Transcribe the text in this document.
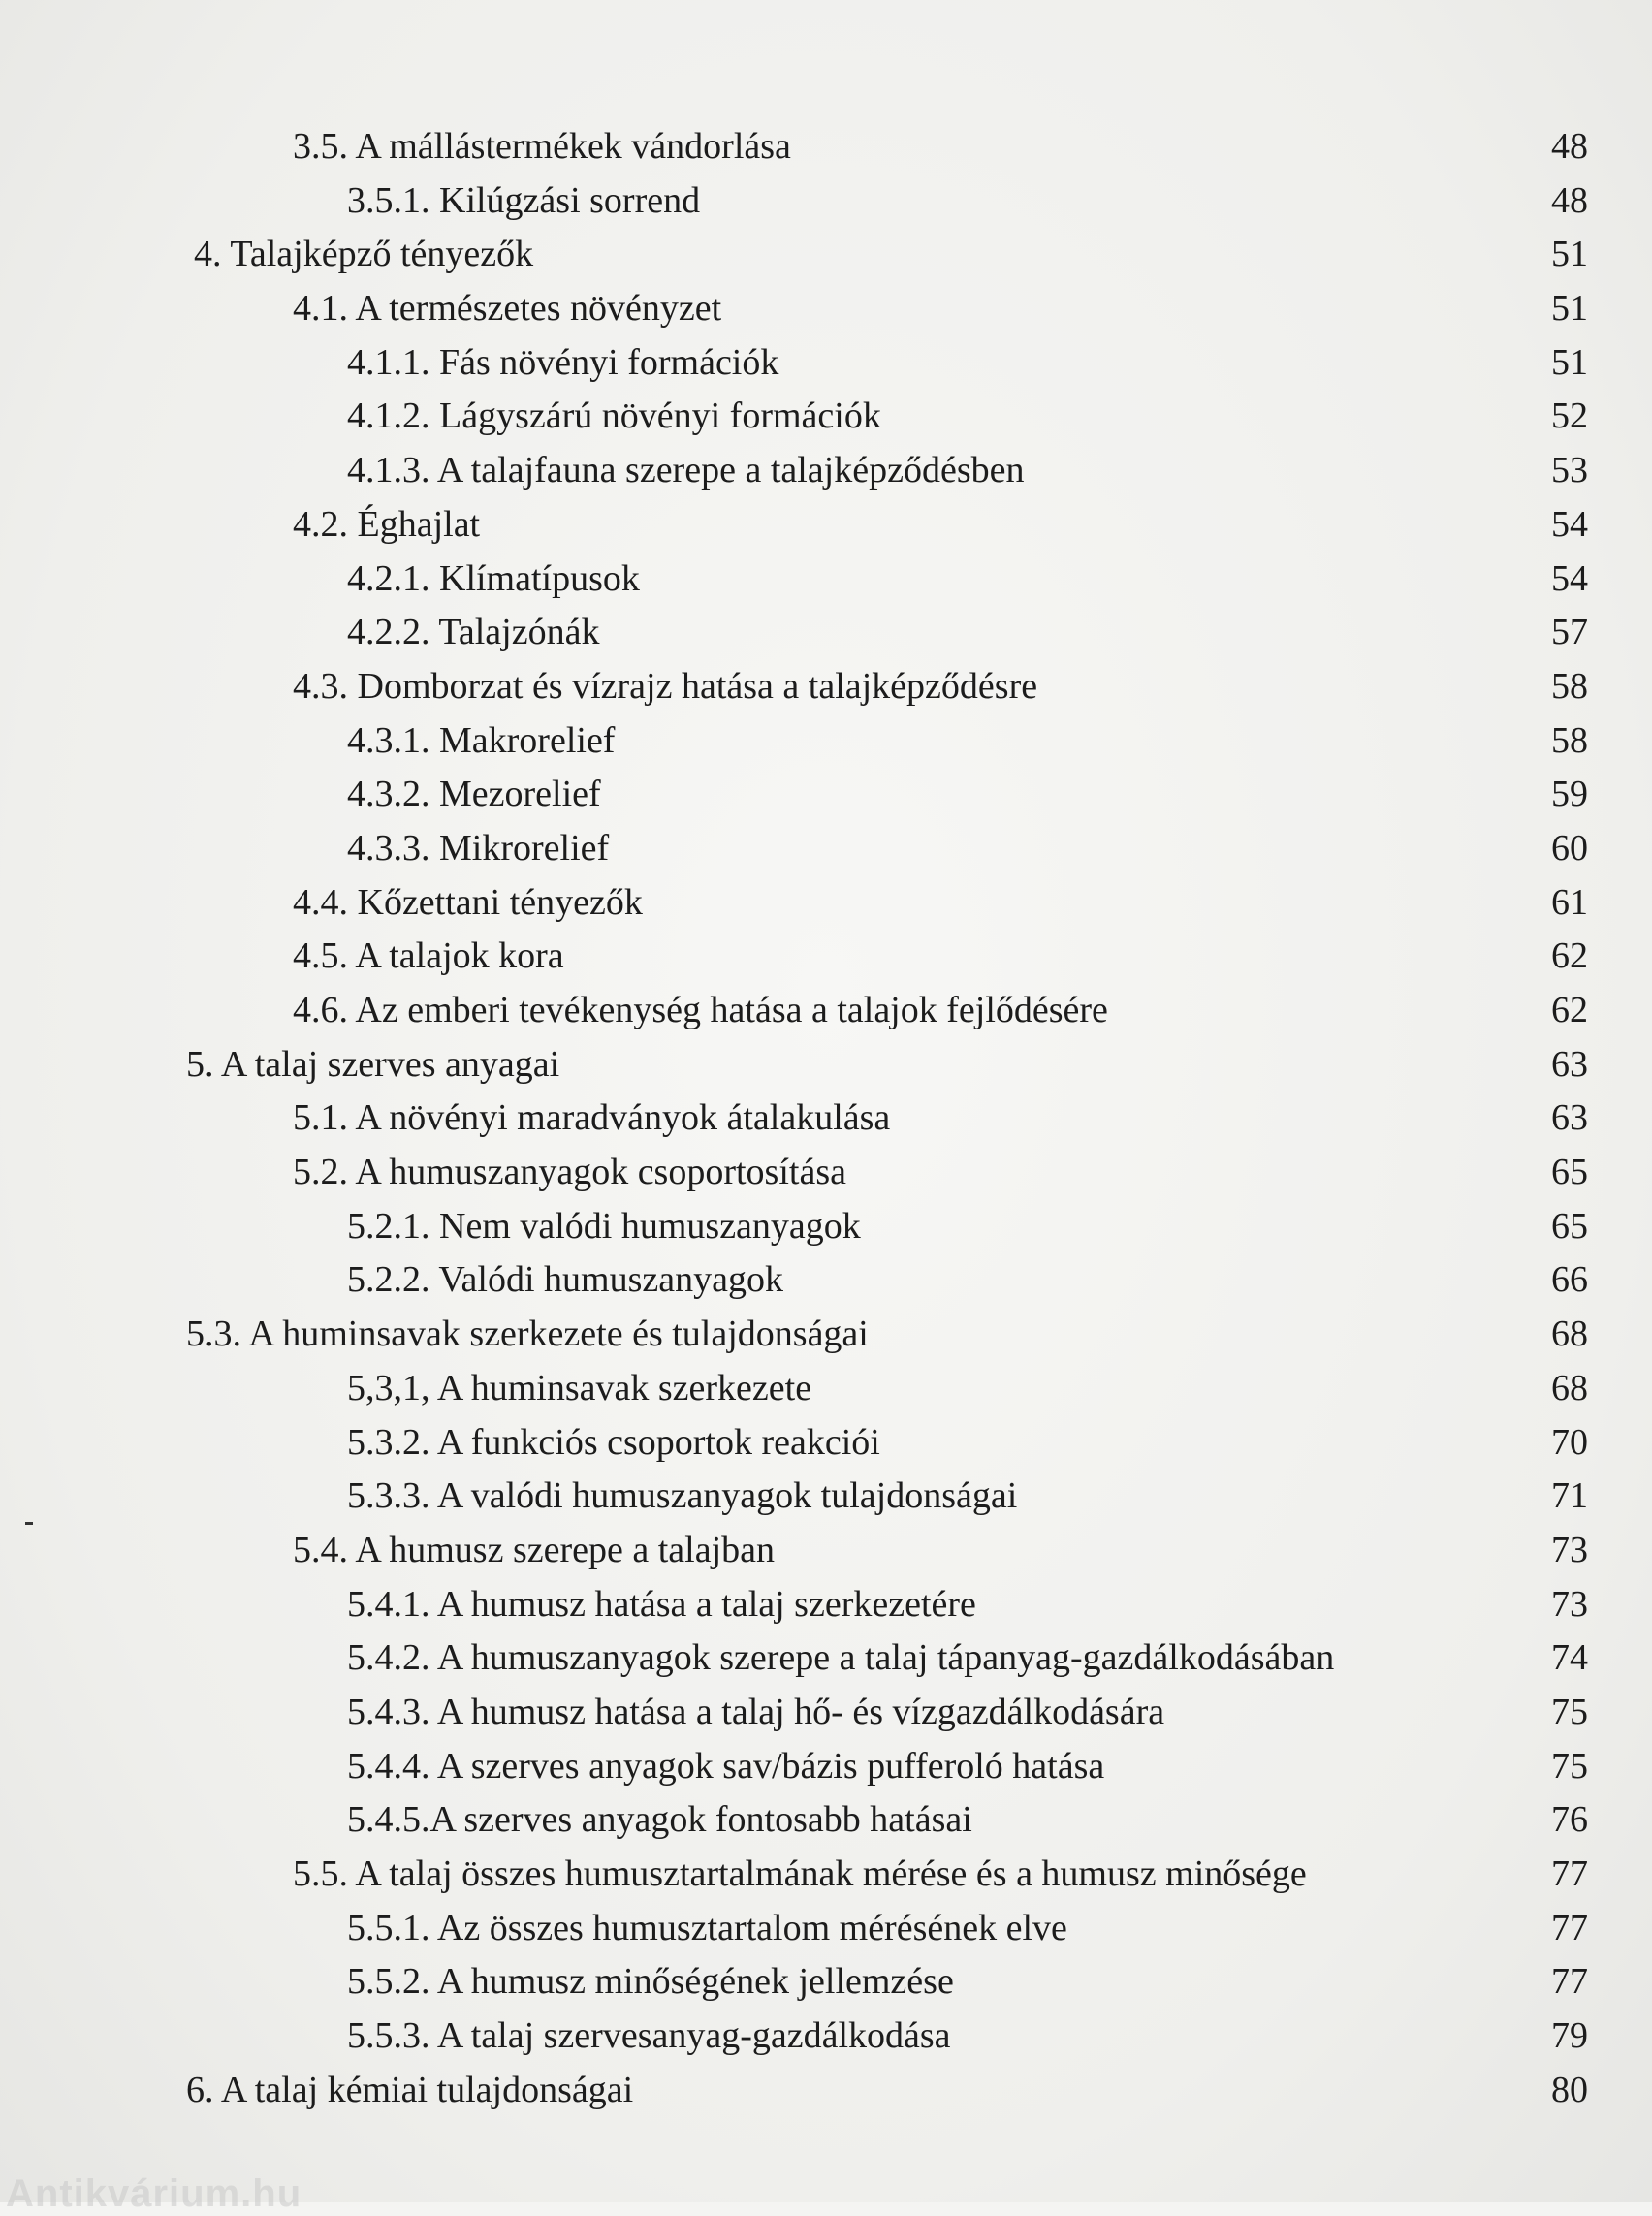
3.5. A mállástermékek vándorlása	48
3.5.1. Kilúgzási sorrend	48
4. Talajképző tényezők	51
4.1. A természetes növényzet	51
4.1.1. Fás növényi formációk	51
4.1.2. Lágyszárú növényi formációk	52
4.1.3. A talajfauna szerepe a talajképződésben	53
4.2. Éghajlat	54
4.2.1. Klímatípusok	54
4.2.2. Talajzónák	57
4.3. Domborzat és vízrajz hatása a talajképződésre	58
4.3.1. Makrorelief	58
4.3.2. Mezorelief	59
4.3.3. Mikrorelief	60
4.4. Kőzettani tényezők	61
4.5. A talajok kora	62
4.6. Az emberi tevékenység hatása a talajok fejlődésére	62
5. A talaj szerves anyagai	63
5.1. A növényi maradványok átalakulása	63
5.2. A humuszanyagok csoportosítása	65
5.2.1. Nem valódi humuszanyagok	65
5.2.2. Valódi humuszanyagok	66
5.3. A huminsavak szerkezete és tulajdonságai	68
5,3,1, A huminsavak szerkezete	68
5.3.2. A funkciós csoportok reakciói	70
5.3.3. A valódi humuszanyagok tulajdonságai	71
5.4. A humusz szerepe a talajban	73
5.4.1. A humusz hatása a talaj szerkezetére	73
5.4.2. A humuszanyagok szerepe a talaj tápanyag-gazdálkodásában	74
5.4.3. A humusz hatása a talaj hő- és vízgazdálkodására	75
5.4.4. A szerves anyagok sav/bázis pufferoló hatása	75
5.4.5.A szerves anyagok fontosabb hatásai	76
5.5. A talaj összes humusztartalmának mérése és a humusz minősége	77
5.5.1. Az összes humusztartalom mérésének elve	77
5.5.2. A humusz minőségének jellemzése	77
5.5.3. A talaj szervesanyag-gazdálkodása	79
6. A talaj kémiai tulajdonságai	80
Antikvárium.hu
